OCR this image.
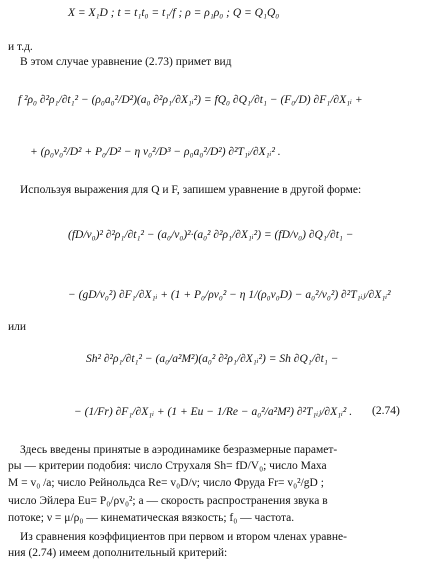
X = X₁D ; t = t₁t₀ = t₁/f ; ρ = ρ₁ρ₀ ; Q = Q₁Q₀
и т.д.
В этом случае уравнение (2.73) примет вид
f ²ρ₀ ∂²ρ₁/∂t₁² − (ρ₀a₀²/D²)(a₀ ∂²ρ₁/∂X₁ᵢ²) = fQ₀ ∂Q₁/∂t₁ − (F₀/D) ∂F₁/∂X₁ᵢ +
+ (ρ₀v₀²/D² + P₀/D² − η v₀²/D³ − ρ₀a₀²/D²) ∂²T₁ᵢ/∂X₁ᵢ² .
Используя выражения для Q и F, запишем уравнение в другой форме:
(fD/v₀)² ∂²ρ₁/∂t₁² − (a₀/v₀)²·(a₀² ∂²ρ₁/∂X₁ᵢ²) = (fD/v₀) ∂Q₁/∂t₁ −
− (gD/v₀²) ∂F₁/∂X₁ᵢ + (1 + P₀/ρv₀² − η 1/(ρ₀v₀D) − a₀²/v₀²) ∂²T₁ᵢⱼ/∂X₁ᵢ²
или
Sh² ∂²ρ₁/∂t₁² − (a₀/a²M²)(a₀² ∂²ρ₁/∂X₁ᵢ²) = Sh ∂Q₁/∂t₁ −
− (1/Fr) ∂F₁/∂X₁ᵢ + (1 + Eu − 1/Re − a₀²/a²M²) ∂²T₁ᵢⱼ/∂X₁ᵢ² . (2.74)
Здесь введены принятые в аэродинамике безразмерные парамет-
ры — критерии подобия: число Струхаля Sh= fD/V₀; число Маха
M = v₀ /a; число Рейнольдса Re= v₀D/ν; число Фруда Fr= v₀²/gD ;
число Эйлера Eu= P₀/ρv₀²; a — скорость распространения звука в
потоке; ν = μ/ρ₀ — кинематическая вязкость; f₀ — частота.
Из сравнения коэффициентов при первом и втором членах уравне-
ния (2.74) имеем дополнительный критерий:
